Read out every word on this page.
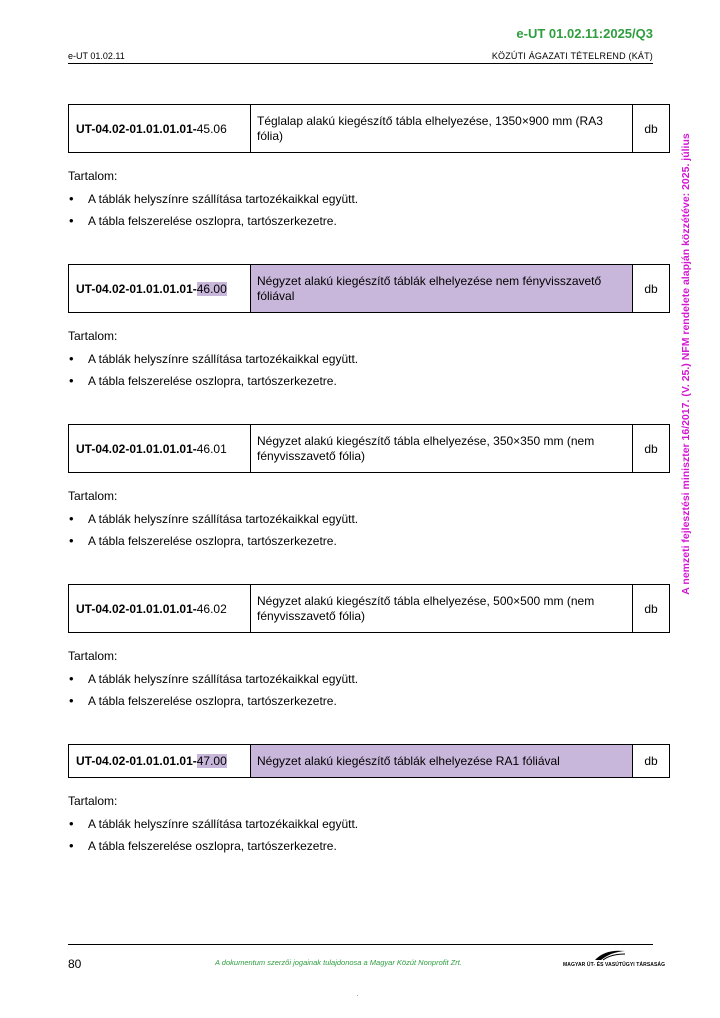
e-UT 01.02.11:2025/Q3
e-UT 01.02.11	KÖZÚTI ÁGAZATI TÉTELREND (KÁT)
A nemzeti fejlesztési miniszter 16/2017. (V. 25.) NFM rendelete alapján közzétéve: 2025. július
UT-04.02-01.01.01.01-45.06	Téglalap alakú kiegészítő tábla elhelyezése, 1350×900 mm (RA3 fólia)	db
Tartalom:
• A táblák helyszínre szállítása tartozékaikkal együtt.
• A tábla felszerelése oszlopra, tartószerkezetre.
UT-04.02-01.01.01.01-46.00	Négyzet alakú kiegészítő táblák elhelyezése nem fényvisszavető fóliával	db
Tartalom:
• A táblák helyszínre szállítása tartozékaikkal együtt.
• A tábla felszerelése oszlopra, tartószerkezetre.
UT-04.02-01.01.01.01-46.01	Négyzet alakú kiegészítő tábla elhelyezése, 350×350 mm (nem fényvisszavető fólia)	db
Tartalom:
• A táblák helyszínre szállítása tartozékaikkal együtt.
• A tábla felszerelése oszlopra, tartószerkezetre.
UT-04.02-01.01.01.01-46.02	Négyzet alakú kiegészítő tábla elhelyezése, 500×500 mm (nem fényvisszavető fólia)	db
Tartalom:
• A táblák helyszínre szállítása tartozékaikkal együtt.
• A tábla felszerelése oszlopra, tartószerkezetre.
UT-04.02-01.01.01.01-47.00	Négyzet alakú kiegészítő táblák elhelyezése RA1 fóliával	db
Tartalom:
• A táblák helyszínre szállítása tartozékaikkal együtt.
• A tábla felszerelése oszlopra, tartószerkezetre.
80	A dokumentum szerzői jogainak tulajdonosa a Magyar Közút Nonprofit Zrt.	MAGYAR ÚT- ÉS VASÚTÜGYI TÁRSASÁG
